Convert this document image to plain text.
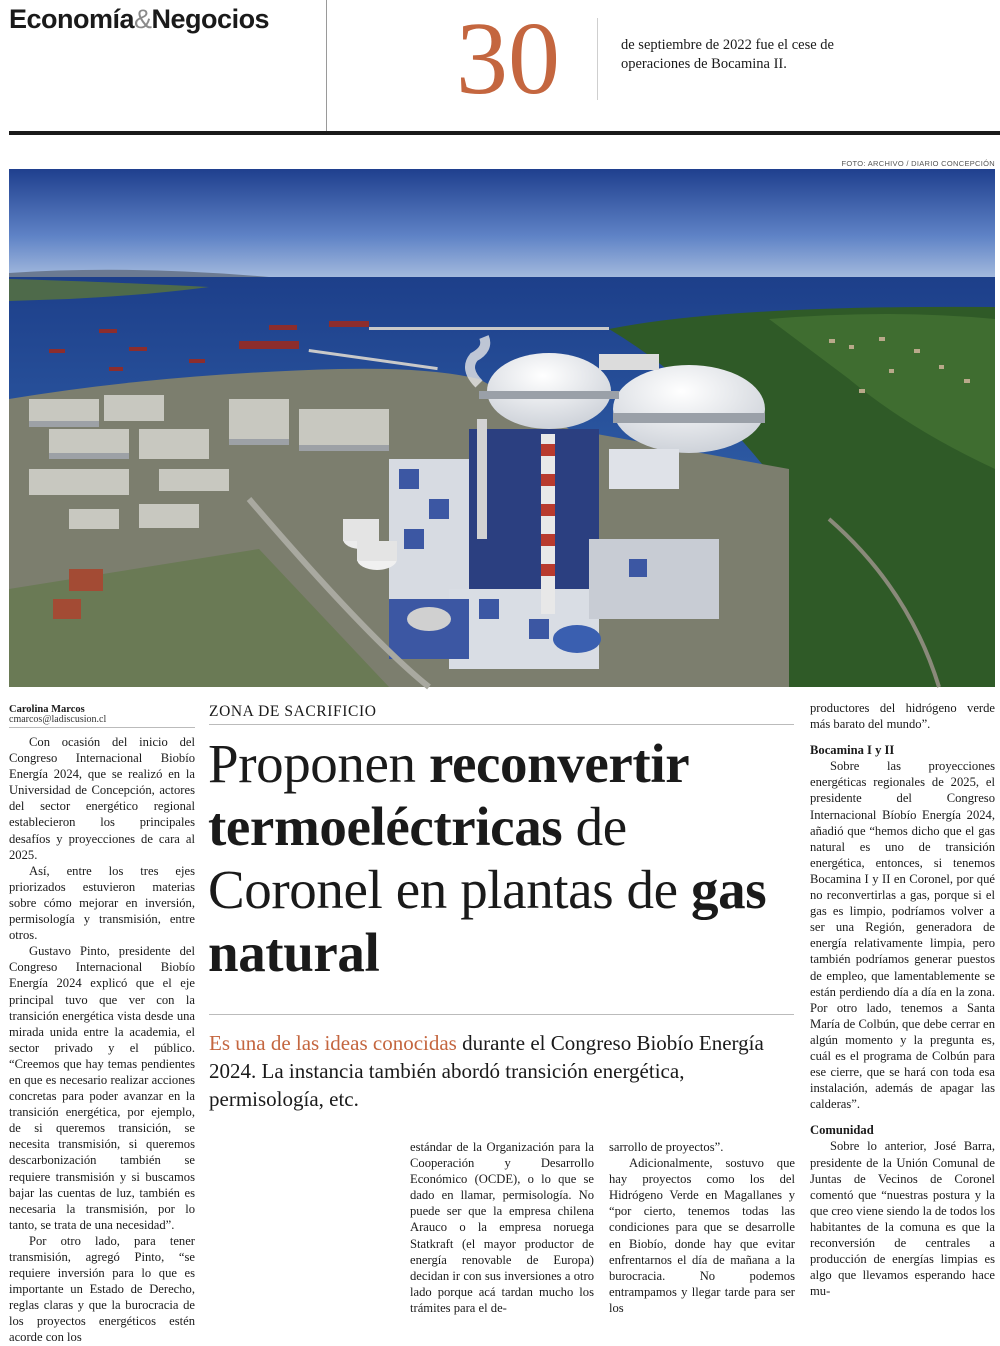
Economía&Negocios 30	de septiembre de 2022 fue el cese de operaciones de Bocamina II.
FOTO: ARCHIVO / DIARIO CONCEPCIÓN
Carolina Marcos
cmarcos@ladiscusion.cl

Con ocasión del inicio del Congreso Internacional Biobío Energía 2024, que se realizó en la Universidad de Concepción, actores del sector energético regional establecieron los principales desafíos y proyecciones de cara al 2025.

Así, entre los tres ejes priorizados estuvieron materias sobre cómo mejorar en inversión, permisología y transmisión, entre otros.

Gustavo Pinto, presidente del Congreso Internacional Biobío Energía 2024 explicó que el eje principal tuvo que ver con la transición energética vista desde una mirada unida entre la academia, el sector privado y el público. “Creemos que hay temas pendientes en que es necesario realizar acciones concretas para poder avanzar en la transición energética, por ejemplo, de si queremos transición, se necesita transmisión, si queremos descarbonización también se requiere transmisión y si buscamos bajar las cuentas de luz, también es necesaria la transmisión, por lo tanto, se trata de una necesidad”.

Por otro lado, para tener transmisión, agregó Pinto, “se requiere inversión para lo que es importante un Estado de Derecho, reglas claras y que la burocracia de los proyectos energéticos estén acorde con los

ZONA DE SACRIFICIO
Proponen reconvertir
termoeléctricas de Coronel en plantas de gas natural
Es una de las ideas conocidas durante el Congreso Biobío Energía 2024. La instancia también abordó transición energética, permisología, etc.

estándar de la Organización para la Cooperación y Desarrollo Económico (OCDE), o lo que se dado en llamar, permisología. No puede ser que la empresa chilena Arauco o la empresa noruega Statkraft (el mayor productor de energía renovable de Europa) decidan ir con sus inversiones a otro lado porque acá tardan mucho los trámites para el de-

sarrollo de proyectos”.

Adicionalmente, sostuvo que hay proyectos como los del Hidrógeno Verde en Magallanes y “por cierto, tenemos todas las condiciones para que se desarrolle en Biobío, donde hay que evitar enfrentarnos el día de mañana a la burocracia. No podemos entrampamos y llegar tarde para ser los

productores del hidrógeno verde más barato del mundo”.

Bocamina I y II

Sobre las proyecciones energéticas regionales de 2025, el presidente del Congreso Internacional Bíobío Energía 2024, añadió que “hemos dicho que el gas natural es uno de transición energética, entonces, si tenemos Bocamina I y II en Coronel, por qué no reconvertirlas a gas, porque si el gas es limpio, podríamos volver a ser una Región, generadora de energía relativamente limpia, pero también podríamos generar puestos de empleo, que lamentablemente se están perdiendo día a día en la zona. Por otro lado, tenemos a Santa María de Colbún, que debe cerrar en algún momento y la pregunta es, cuál es el programa de Colbún para ese cierre, que se hará con toda esa instalación, además de apagar las calderas”.

Comunidad

Sobre lo anterior, José Barra, presidente de la Unión Comunal de Juntas de Vecinos de Coronel comentó que “nuestras postura y la que creo viene siendo la de todos los habitantes de la comuna es que la reconversión de centrales a producción de energías limpias es algo que llevamos esperando hace mu-
